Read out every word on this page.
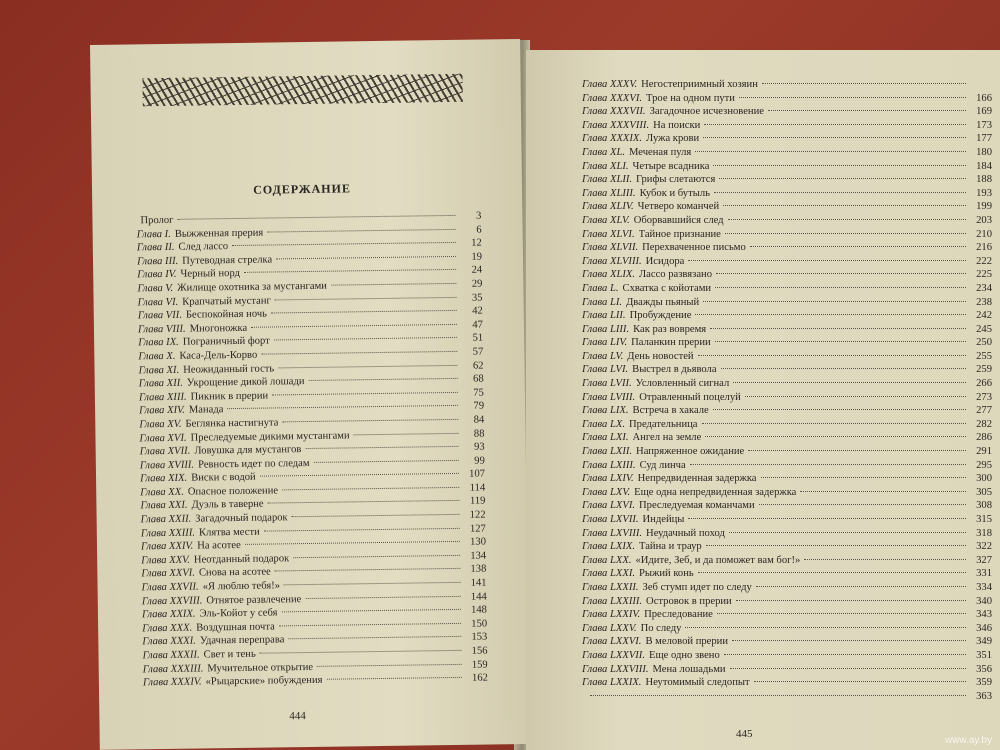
СОДЕРЖАНИЕ
Пролог	3
Глава I. Выжженная прерия	6
Глава II. След лассо	12
Глава III. Путеводная стрелка	19
Глава IV. Черный норд	24
Глава V. Жилище охотника за мустангами	29
Глава VI. Крапчатый мустанг	35
Глава VII. Беспокойная ночь	42
Глава VIII. Многоножка	47
Глава IX. Пограничный форт	51
Глава X. Каса-Дель-Корво	57
Глава XI. Неожиданный гость	62
Глава XII. Укрощение дикой лошади	68
Глава XIII. Пикник в прерии	75
Глава XIV. Манада	79
Глава XV. Беглянка настигнута	84
Глава XVI. Преследуемые дикими мустангами	88
Глава XVII. Ловушка для мустангов	93
Глава XVIII. Ревность идет по следам	99
Глава XIX. Виски с водой	107
Глава XX. Опасное положение	114
Глава XXI. Дуэль в таверне	119
Глава XXII. Загадочный подарок	122
Глава XXIII. Клятва мести	127
Глава XXIV. На асотее	130
Глава XXV. Неотданный подарок	134
Глава XXVI. Снова на асотее	138
Глава XXVII. «Я люблю тебя!»	141
Глава XXVIII. Отнятое развлечение	144
Глава XXIX. Эль-Койот у себя	148
Глава XXX. Воздушная почта	150
Глава XXXI. Удачная переправа	153
Глава XXXII. Свет и тень	156
Глава XXXIII. Мучительное открытие	159
Глава XXXIV. «Рыцарские» побуждения	162
444
Глава XXXV. Негостеприимный хозяин
Глава XXXVI. Трое на одном пути	166
Глава XXXVII. Загадочное исчезновение	169
Глава XXXVIII. На поиски	173
Глава XXXIX. Лужа крови	177
Глава XL. Меченая пуля	180
Глава XLI. Четыре всадника	184
Глава XLII. Грифы слетаются	188
Глава XLIII. Кубок и бутыль	193
Глава XLIV. Четверо команчей	199
Глава XLV. Оборвавшийся след	203
Глава XLVI. Тайное признание	210
Глава XLVII. Перехваченное письмо	216
Глава XLVIII. Исидора	222
Глава XLIX. Лассо развязано	225
Глава L. Схватка с койотами	234
Глава LI. Дважды пьяный	238
Глава LII. Пробуждение	242
Глава LIII. Как раз вовремя	245
Глава LIV. Паланкин прерии	250
Глава LV. День новостей	255
Глава LVI. Выстрел в дьявола	259
Глава LVII. Условленный сигнал	266
Глава LVIII. Отравленный поцелуй	273
Глава LIX. Встреча в хакале	277
Глава LX. Предательница	282
Глава LXI. Ангел на земле	286
Глава LXII. Напряженное ожидание	291
Глава LXIII. Суд линча	295
Глава LXIV. Непредвиденная задержка	300
Глава LXV. Еще одна непредвиденная задержка	305
Глава LXVI. Преследуемая команчами	308
Глава LXVII. Индейцы	315
Глава LXVIII. Неудачный поход	318
Глава LXIX. Тайна и траур	322
Глава LXX. «Идите, Зеб, и да поможет вам бог!»	327
Глава LXXI. Рыжий конь	331
Глава LXXII. Зеб стумп идет по следу	334
Глава LXXIII. Островок в прерии	340
Глава LXXIV. Преследование	343
Глава LXXV. По следу	346
Глава LXXVI. В меловой прерии	349
Глава LXXVII. Еще одно звено	351
Глава LXXVIII. Мена лошадьми	356
Глава LXXIX. Неутомимый следопыт	359
363
445
www.ay.by
